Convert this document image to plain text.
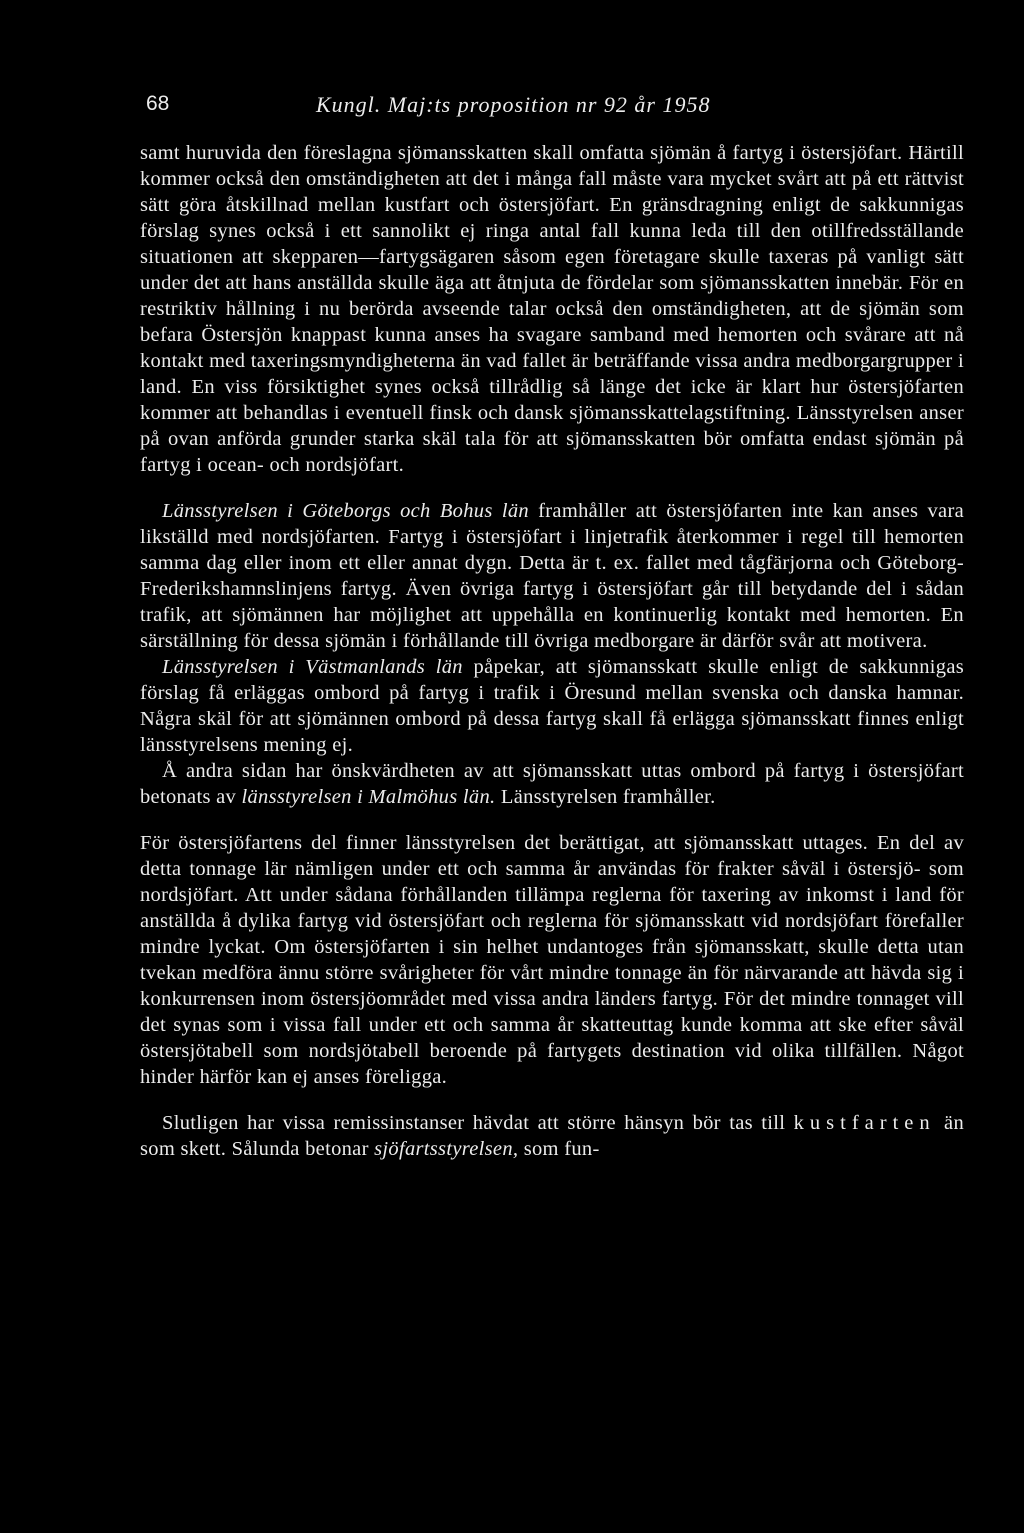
68	Kungl. Maj:ts proposition nr 92 år 1958

samt huruvida den föreslagna sjömansskatten skall omfatta sjömän å fartyg i östersjöfart. Härtill kommer också den omständigheten att det i många fall måste vara mycket svårt att på ett rättvist sätt göra åtskillnad mellan kustfart och östersjöfart. En gränsdragning enligt de sakkunnigas förslag synes också i ett sannolikt ej ringa antal fall kunna leda till den otillfredsställande situationen att skepparen—fartygsägaren såsom egen företagare skulle taxeras på vanligt sätt under det att hans anställda skulle äga att åtnjuta de fördelar som sjömansskatten innebär. För en restriktiv hållning i nu berörda avseende talar också den omständigheten, att de sjömän som befara Östersjön knappast kunna anses ha svagare samband med hemorten och svårare att nå kontakt med taxeringsmyndigheterna än vad fallet är beträffande vissa andra medborgargrupper i land. En viss försiktighet synes också tillrådlig så länge det icke är klart hur östersjöfarten kommer att behandlas i eventuell finsk och dansk sjömansskattelagstiftning. Länsstyrelsen anser på ovan anförda grunder starka skäl tala för att sjömansskatten bör omfatta endast sjömän på fartyg i ocean- och nordsjöfart.

Länsstyrelsen i Göteborgs och Bohus län framhåller att östersjöfarten inte kan anses vara likställd med nordsjöfarten. Fartyg i östersjöfart i linjetrafik återkommer i regel till hemorten samma dag eller inom ett eller annat dygn. Detta är t. ex. fallet med tågfärjorna och Göteborg-Frederikshamnslinjens fartyg. Även övriga fartyg i östersjöfart går till betydande del i sådan trafik, att sjömännen har möjlighet att uppehålla en kontinuerlig kontakt med hemorten. En särställning för dessa sjömän i förhållande till övriga medborgare är därför svår att motivera.

Länsstyrelsen i Västmanlands län påpekar, att sjömansskatt skulle enligt de sakkunnigas förslag få erläggas ombord på fartyg i trafik i Öresund mellan svenska och danska hamnar. Några skäl för att sjömännen ombord på dessa fartyg skall få erlägga sjömansskatt finnes enligt länsstyrelsens mening ej.

Å andra sidan har önskvärdheten av att sjömansskatt uttas ombord på fartyg i östersjöfart betonats av länsstyrelsen i Malmöhus län. Länsstyrelsen framhåller.

För östersjöfartens del finner länsstyrelsen det berättigat, att sjömansskatt uttages. En del av detta tonnage lär nämligen under ett och samma år användas för frakter såväl i östersjö- som nordsjöfart. Att under sådana förhållanden tillämpa reglerna för taxering av inkomst i land för anställda å dylika fartyg vid östersjöfart och reglerna för sjömansskatt vid nordsjöfart förefaller mindre lyckat. Om östersjöfarten i sin helhet undantoges från sjömansskatt, skulle detta utan tvekan medföra ännu större svårigheter för vårt mindre tonnage än för närvarande att hävda sig i konkurrensen inom östersjöområdet med vissa andra länders fartyg. För det mindre tonnaget vill det synas som i vissa fall under ett och samma år skatteuttag kunde komma att ske efter såväl östersjötabell som nordsjötabell beroende på fartygets destination vid olika tillfällen. Något hinder härför kan ej anses föreligga.

Slutligen har vissa remissinstanser hävdat att större hänsyn bör tas till kustfarten än som skett. Sålunda betonar sjöfartsstyrelsen, som fun-
